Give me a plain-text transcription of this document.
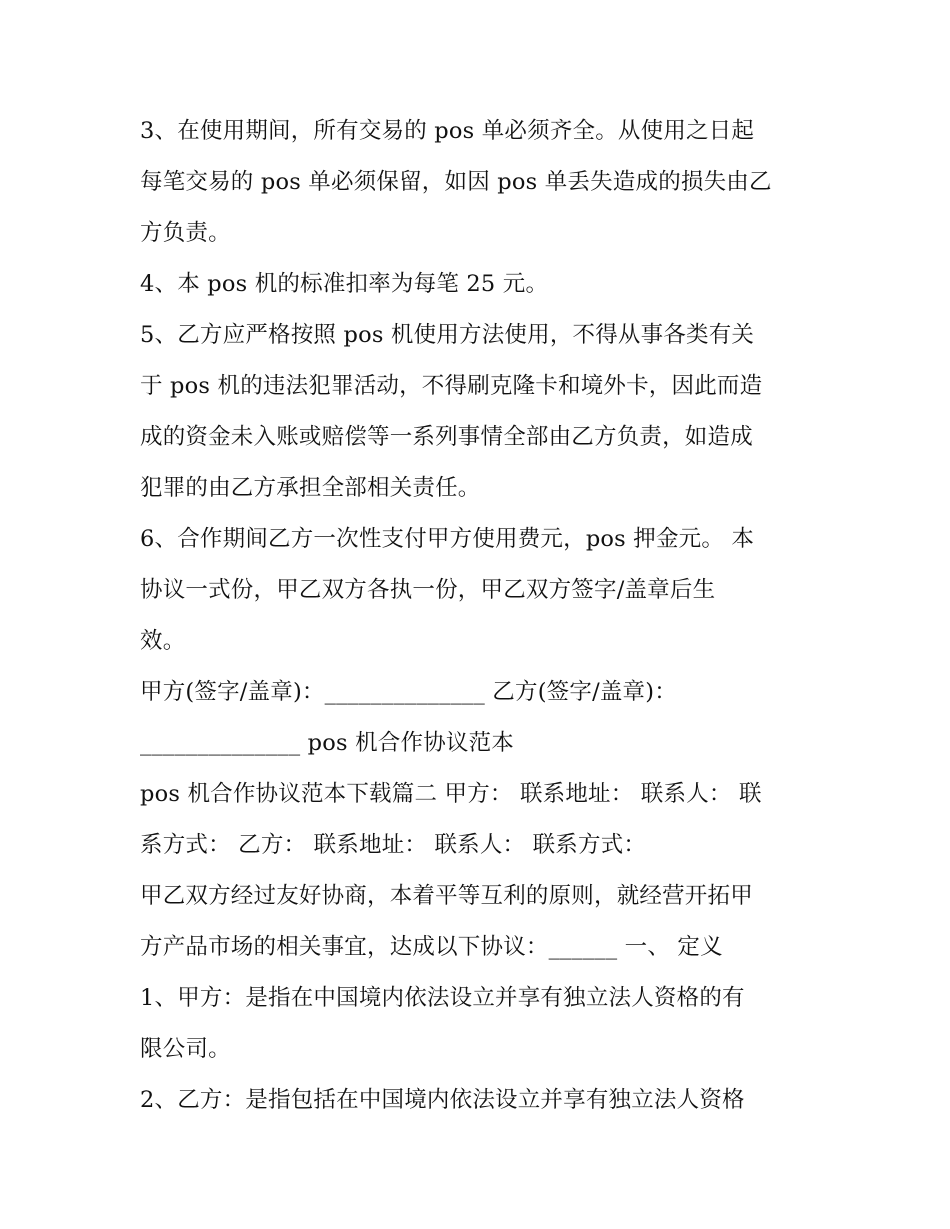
3、在使用期间，所有交易的 pos 单必须齐全。从使用之日起
每笔交易的 pos 单必须保留，如因 pos 单丢失造成的损失由乙
方负责。
4、本 pos 机的标准扣率为每笔 25 元。
5、乙方应严格按照 pos 机使用方法使用，不得从事各类有关
于 pos 机的违法犯罪活动，不得刷克隆卡和境外卡，因此而造
成的资金未入账或赔偿等一系列事情全部由乙方负责，如造成
犯罪的由乙方承担全部相关责任。
6、合作期间乙方一次性支付甲方使用费元，pos 押金元。 本
协议一式份，甲乙双方各执一份，甲乙双方签字/盖章后生
效。
甲方(签字/盖章)：______________ 乙方(签字/盖章)：
______________ pos 机合作协议范本
pos 机合作协议范本下载篇二 甲方： 联系地址： 联系人： 联
系方式： 乙方： 联系地址： 联系人： 联系方式：
甲乙双方经过友好协商，本着平等互利的原则，就经营开拓甲
方产品市场的相关事宜，达成以下协议：______ 一、 定义
1、甲方：是指在中国境内依法设立并享有独立法人资格的有
限公司。
2、乙方：是指包括在中国境内依法设立并享有独立法人资格
